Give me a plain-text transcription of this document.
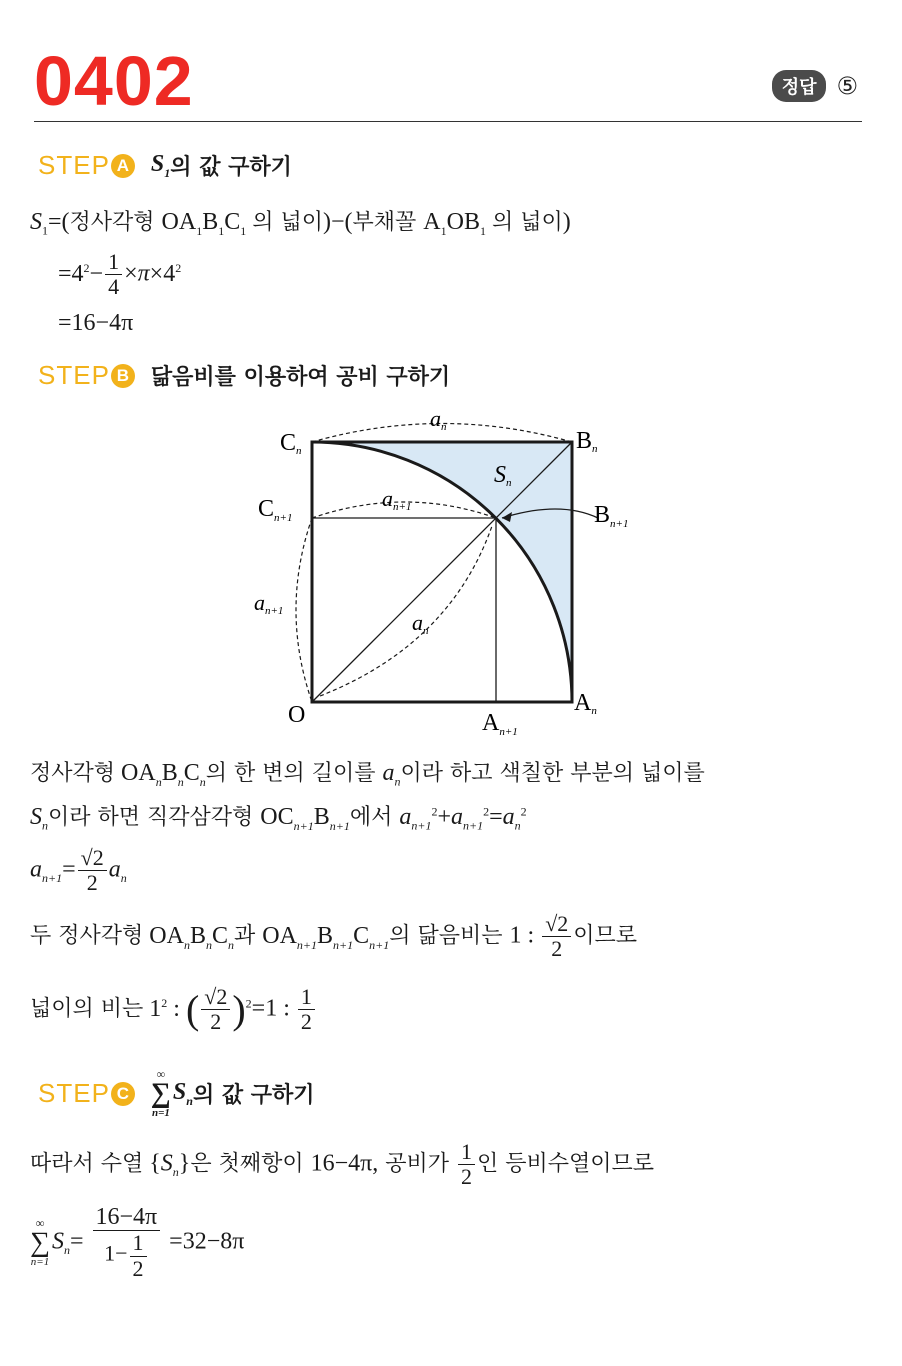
0402	정답 ⑤
STEP A $S_1$ 의 값 구하기
$S_1=$(정사각형 $OA_1B_1C_1$ 의 넓이)−(부채꼴 $A_1OB_1$ 의 넓이)
$=4^2- \frac{1}{4} \times\pi\times 4^2$
=16−4π
STEP B 닮음비를 이용하여 공비 구하기
Cn	Bn
$C_{n+1}$	$B_{n+1}$
O	An
$A_{n+1}$
an
an+1
an+1	an
Sn
정사각형 $OA_nB_nC_n$의 한 변의 길이를 $a_n$이라 하고 색칠한 부분의 넓이를
$S_n$이라 하면 직각삼각형 $OC_{n+1}B_{n+1}$에서 $a_{n+1}^2+a_{n+1}^2=a_n^2$
$a_{n+1}= \frac{√2}{2} a_n$
두 정사각형 $OA_nB_nC_n$과 $OA_{n+1}B_{n+1}C_{n+1}$의 닮음비는 1 : $\frac{√2}{2}$ 이므로
넓이의 비는 $1^2$ : ( $\frac{√2}{2} )^2=1$ : $\frac{1}{2}$
STEP C
∞
∑
n=1
$S_n$ 의 값 구하기
따라서 수열 $\{S_n\}$은 첫째항이 16−4π, 공비가 $\frac{1}{2}$ 인 등비수열이므로
∞
∑
n=1
$S_n= \frac{16-4\pi}{1- \frac{1}{2}} =32-8\pi$
